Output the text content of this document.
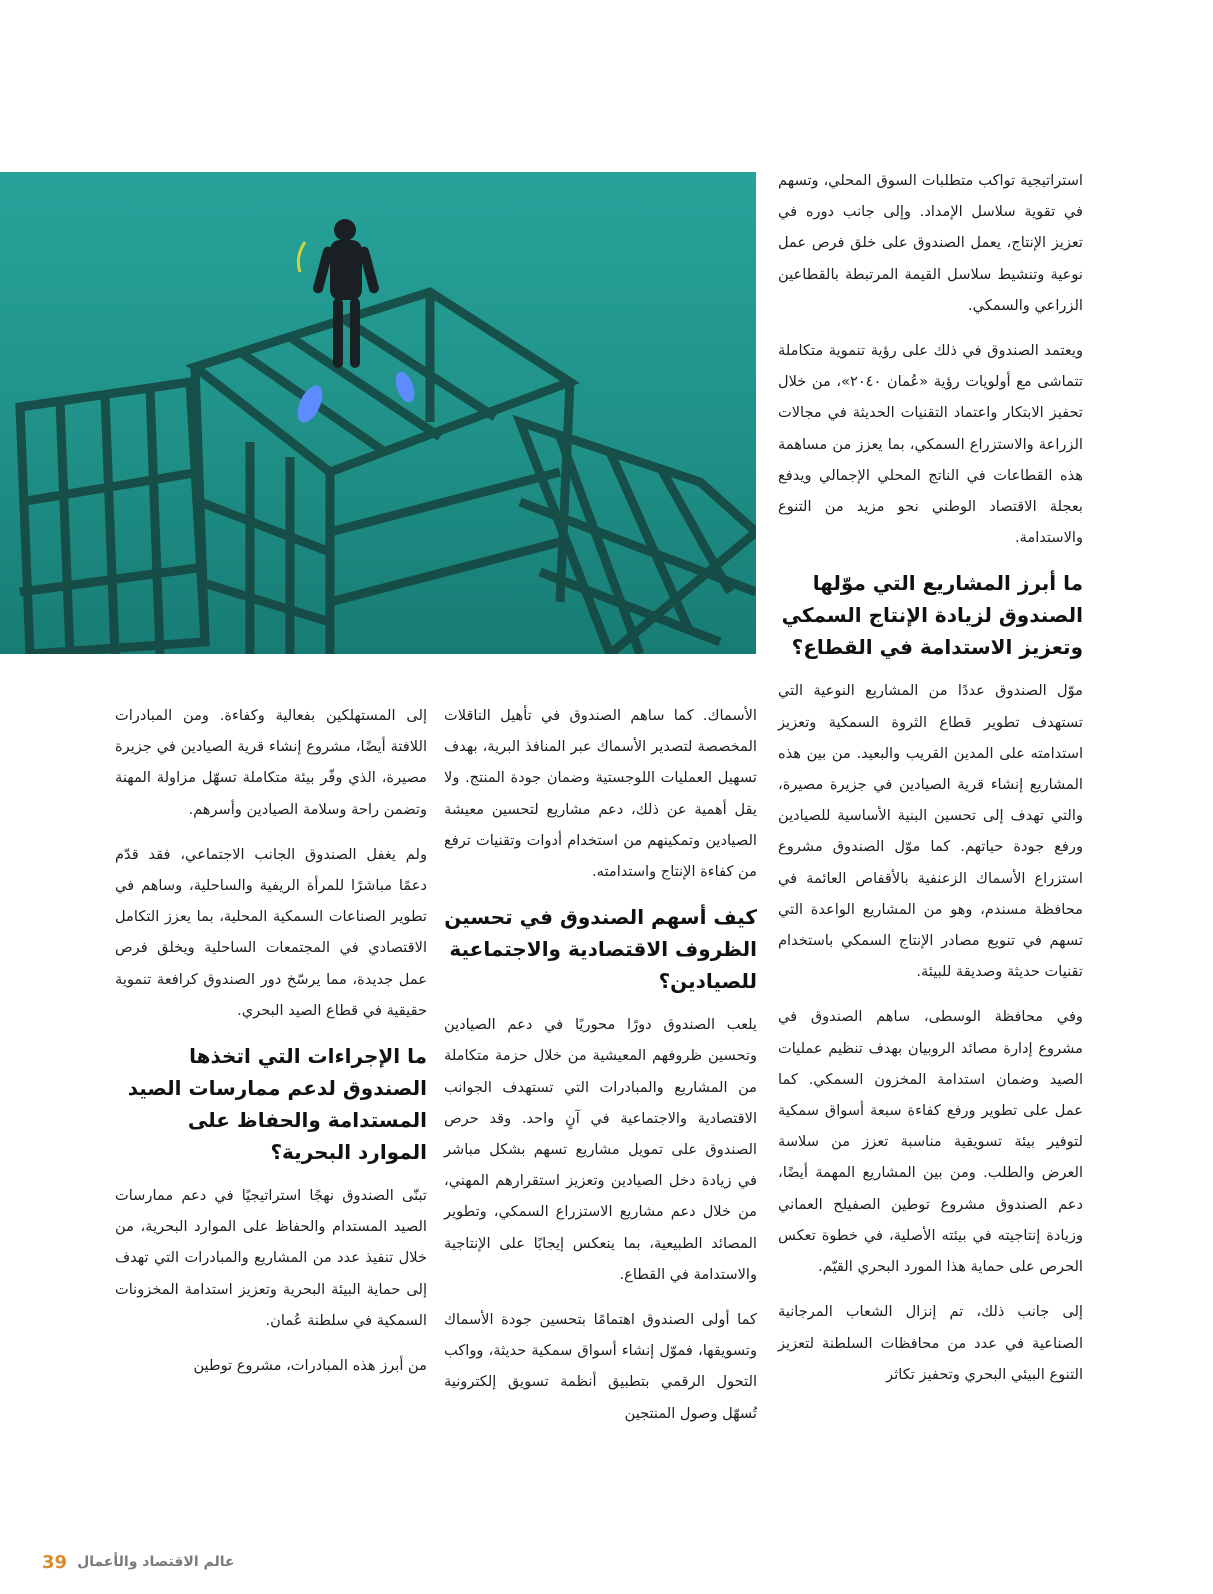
استراتيجية تواكب متطلبات السوق المحلي، وتسهم في تقوية سلاسل الإمداد. وإلى جانب دوره في تعزيز الإنتاج، يعمل الصندوق على خلق فرص عمل نوعية وتنشيط سلاسل القيمة المرتبطة بالقطاعين الزراعي والسمكي.

ويعتمد الصندوق في ذلك على رؤية تنموية متكاملة تتماشى مع أولويات رؤية «عُمان ٢٠٤٠»، من خلال تحفيز الابتكار واعتماد التقنيات الحديثة في مجالات الزراعة والاستزراع السمكي، بما يعزز من مساهمة هذه القطاعات في الناتج المحلي الإجمالي ويدفع بعجلة الاقتصاد الوطني نحو مزيد من التنوع والاستدامة.

ما أبرز المشاريع التي موّلها الصندوق لزيادة الإنتاج السمكي وتعزيز الاستدامة في القطاع؟

موّل الصندوق عددًا من المشاريع النوعية التي تستهدف تطوير قطاع الثروة السمكية وتعزيز استدامته على المدين القريب والبعيد. من بين هذه المشاريع إنشاء قرية الصيادين في جزيرة مصيرة، والتي تهدف إلى تحسين البنية الأساسية للصيادين ورفع جودة حياتهم. كما موّل الصندوق مشروع استزراع الأسماك الزعنفية بالأقفاص العائمة في محافظة مسندم، وهو من المشاريع الواعدة التي تسهم في تنويع مصادر الإنتاج السمكي باستخدام تقنيات حديثة وصديقة للبيئة.

وفي محافظة الوسطى، ساهم الصندوق في مشروع إدارة مصائد الروبيان بهدف تنظيم عمليات الصيد وضمان استدامة المخزون السمكي. كما عمل على تطوير ورفع كفاءة سبعة أسواق سمكية لتوفير بيئة تسويقية مناسبة تعزز من سلاسة العرض والطلب. ومن بين المشاريع المهمة أيضًا، دعم الصندوق مشروع توطين الصفيلح العماني وزيادة إنتاجيته في بيئته الأصلية، في خطوة تعكس الحرص على حماية هذا المورد البحري القيّم.

إلى جانب ذلك، تم إنزال الشعاب المرجانية الصناعية في عدد من محافظات السلطنة لتعزيز التنوع البيئي البحري وتحفيز تكاثر

الأسماك. كما ساهم الصندوق في تأهيل الناقلات المخصصة لتصدير الأسماك عبر المنافذ البرية، بهدف تسهيل العمليات اللوجستية وضمان جودة المنتج. ولا يقل أهمية عن ذلك، دعم مشاريع لتحسين معيشة الصيادين وتمكينهم من استخدام أدوات وتقنيات ترفع من كفاءة الإنتاج واستدامته.

كيف أسهم الصندوق في تحسين الظروف الاقتصادية والاجتماعية للصيادين؟

يلعب الصندوق دورًا محوريًا في دعم الصيادين وتحسين ظروفهم المعيشية من خلال حزمة متكاملة من المشاريع والمبادرات التي تستهدف الجوانب الاقتصادية والاجتماعية في آنٍ واحد. وقد حرص الصندوق على تمويل مشاريع تسهم بشكل مباشر في زيادة دخل الصيادين وتعزيز استقرارهم المهني، من خلال دعم مشاريع الاستزراع السمكي، وتطوير المصائد الطبيعية، بما ينعكس إيجابًا على الإنتاجية والاستدامة في القطاع.

كما أولى الصندوق اهتمامًا بتحسين جودة الأسماك وتسويقها، فموّل إنشاء أسواق سمكية حديثة، وواكب التحول الرقمي بتطبيق أنظمة تسويق إلكترونية تُسهّل وصول المنتجين

إلى المستهلكين بفعالية وكفاءة. ومن المبادرات اللافتة أيضًا، مشروع إنشاء قرية الصيادين في جزيرة مصيرة، الذي وفّر بيئة متكاملة تسهّل مزاولة المهنة وتضمن راحة وسلامة الصيادين وأسرهم.

ولم يغفل الصندوق الجانب الاجتماعي، فقد قدّم دعمًا مباشرًا للمرأة الريفية والساحلية، وساهم في تطوير الصناعات السمكية المحلية، بما يعزز التكامل الاقتصادي في المجتمعات الساحلية ويخلق فرص عمل جديدة، مما يرسّخ دور الصندوق كرافعة تنموية حقيقية في قطاع الصيد البحري.

ما الإجراءات التي اتخذها الصندوق لدعم ممارسات الصيد المستدامة والحفاظ على الموارد البحرية؟

تبنّى الصندوق نهجًا استراتيجيًا في دعم ممارسات الصيد المستدام والحفاظ على الموارد البحرية، من خلال تنفيذ عدد من المشاريع والمبادرات التي تهدف إلى حماية البيئة البحرية وتعزيز استدامة المخزونات السمكية في سلطنة عُمان.

من أبرز هذه المبادرات، مشروع توطين

39 عالم الاقتصاد والأعمال
